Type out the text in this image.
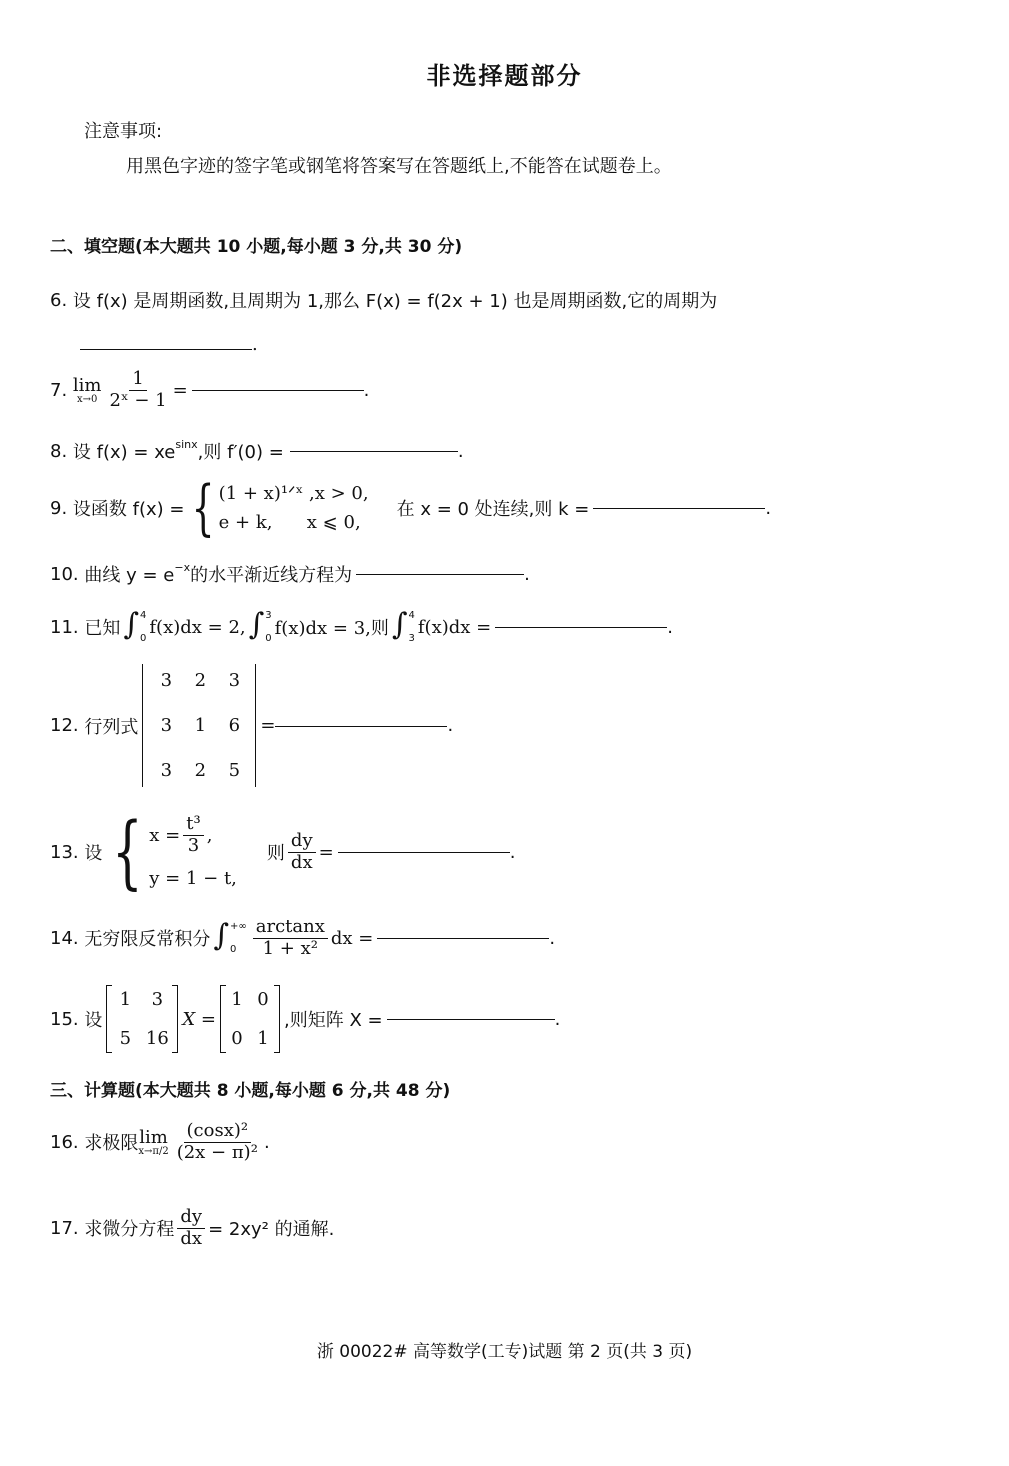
非选择题部分
注意事项:
用黑色字迹的签字笔或钢笔将答案写在答题纸上,不能答在试题卷上。
二、填空题(本大题共 10 小题,每小题 3 分,共 30 分)
6.
设 f(x) 是周期函数,且周期为 1,那么 F(x) = f(2x + 1) 也是周期函数,它的周期为
.
7.
lim
$x\to 0 \frac{1}{\text{2ˣ − 1}}$ =	.
8.
设 $f(x) = xe^{sinx}$ ,则 f′(0) =	.
9.
设函数 f(x) = { (1 + x)¹ᐟˣ ,x > 0,
e + k,      x ⩽ 0,
在 x = 0 处连续,则 k =	.
10.
曲线 $y = e^{-x}$ 的水平渐近线方程为	.
11.
已知 ∫ 4
0
f(x)dx = 2, ∫ 3
0 f(x)dx = 3,则 ∫ 4
3
f(x)dx =	.
12.
行列式
3	2	3
3	1	6
3	2	5
=	.
13.
设 { $x = \frac{\text{t³}}{3}$ ,
y = 1 − t,
则 $\frac{dy}{dx}$ =	.
14.
无穷限反常积分 ∫ +∞
$0 \frac{\arctan x}{\text{1 + x²}}$ dx =	.
15.
设
1	3
5 16
X =
1 0
0 1
,则矩阵 X =	.
三、计算题(本大题共 8 小题,每小题 6 分,共 48 分)
16.
求极限 lim
$x\to\pi/2 \frac{\text{(cosx)²}}{\text{(2x − π)²}}$ .
17.
求微分方程 $\frac{dy}{dx} = 2xy^2$ 的通解.
浙 00022# 高等数学(工专)试题 第 2 页(共 3 页)
